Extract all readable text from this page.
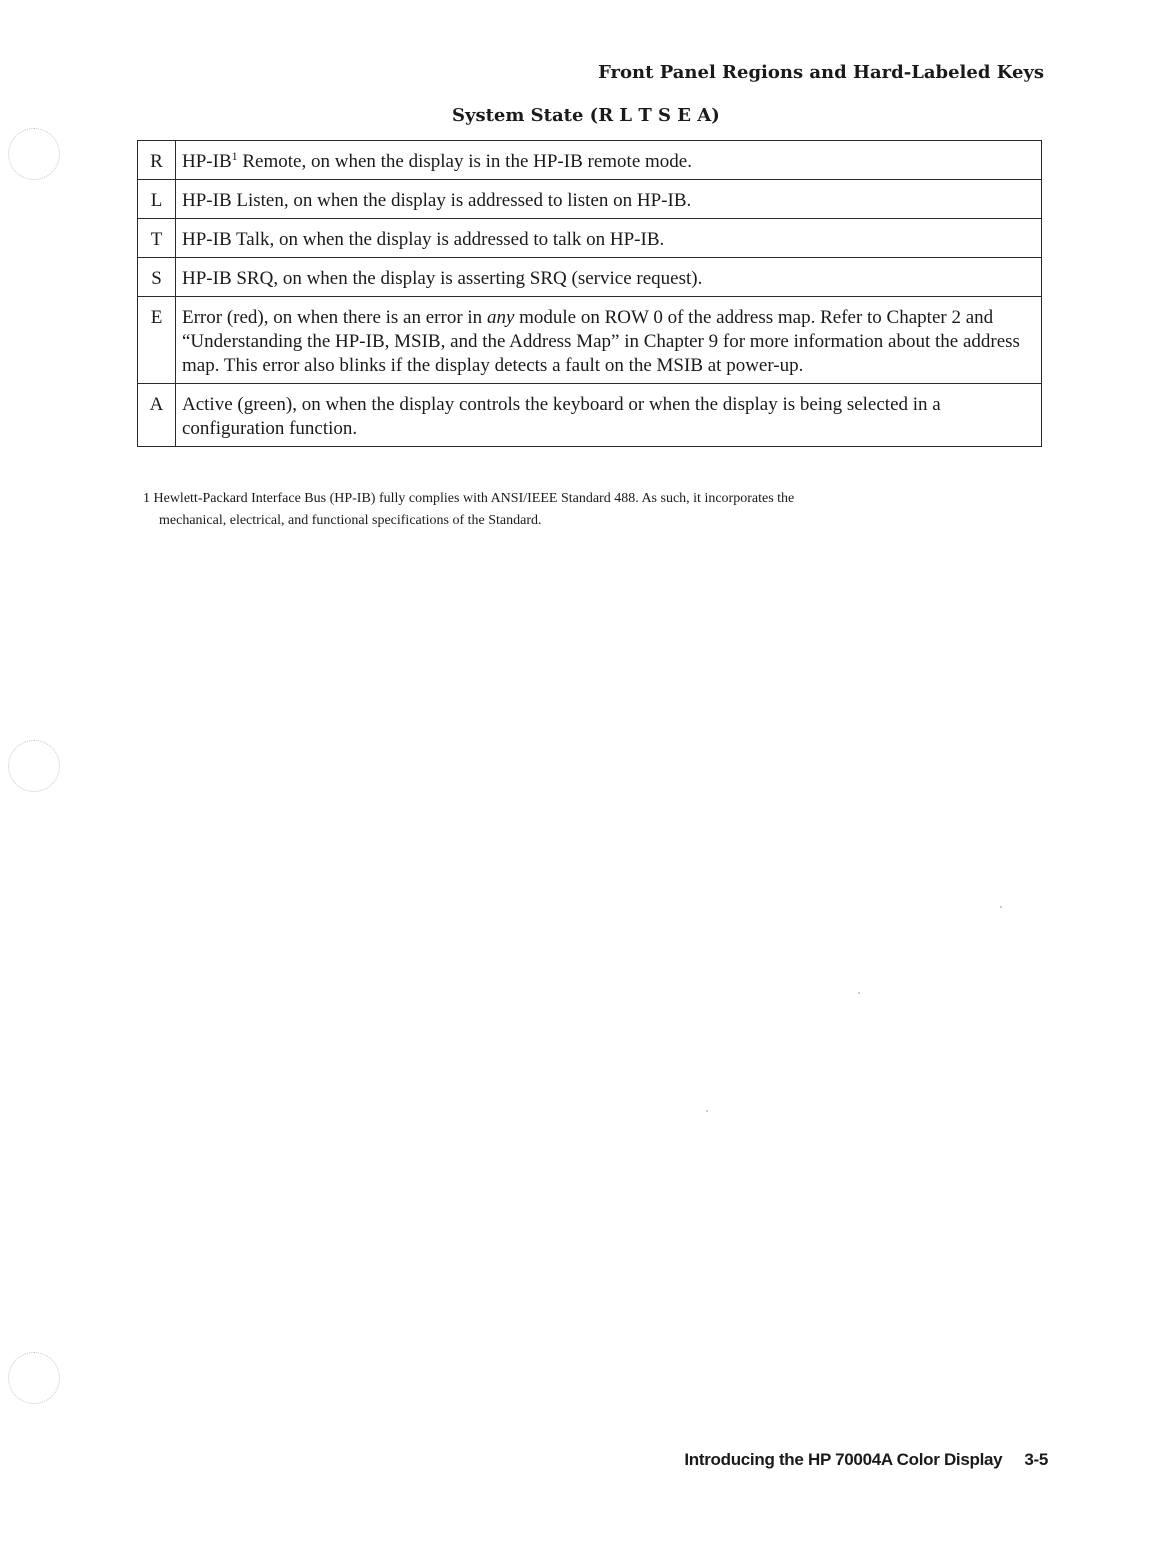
Front Panel Regions and Hard-Labeled Keys
System State (R L T S E A)
R	$HP-IB^1$ Remote, on when the display is in the HP-IB remote mode.
L	HP-IB Listen, on when the display is addressed to listen on HP-IB.
T	HP-IB Talk, on when the display is addressed to talk on HP-IB.
S	HP-IB SRQ, on when the display is asserting SRQ (service request).
E	Error (red), on when there is an error in any module on ROW 0 of the address map. Refer to Chapter 2 and “Understanding the HP-IB, MSIB, and the Address Map” in Chapter 9 for more information about the address map. This error also blinks if the display detects a fault on the MSIB at power-up.
A	Active (green), on when the display controls the keyboard or when the display is being selected in a configuration function.
1 Hewlett-Packard Interface Bus (HP-IB) fully complies with ANSI/IEEE Standard 488. As such, it incorporates the
mechanical, electrical, and functional specifications of the Standard.
Introducing the HP 70004A Color Display 3-5
